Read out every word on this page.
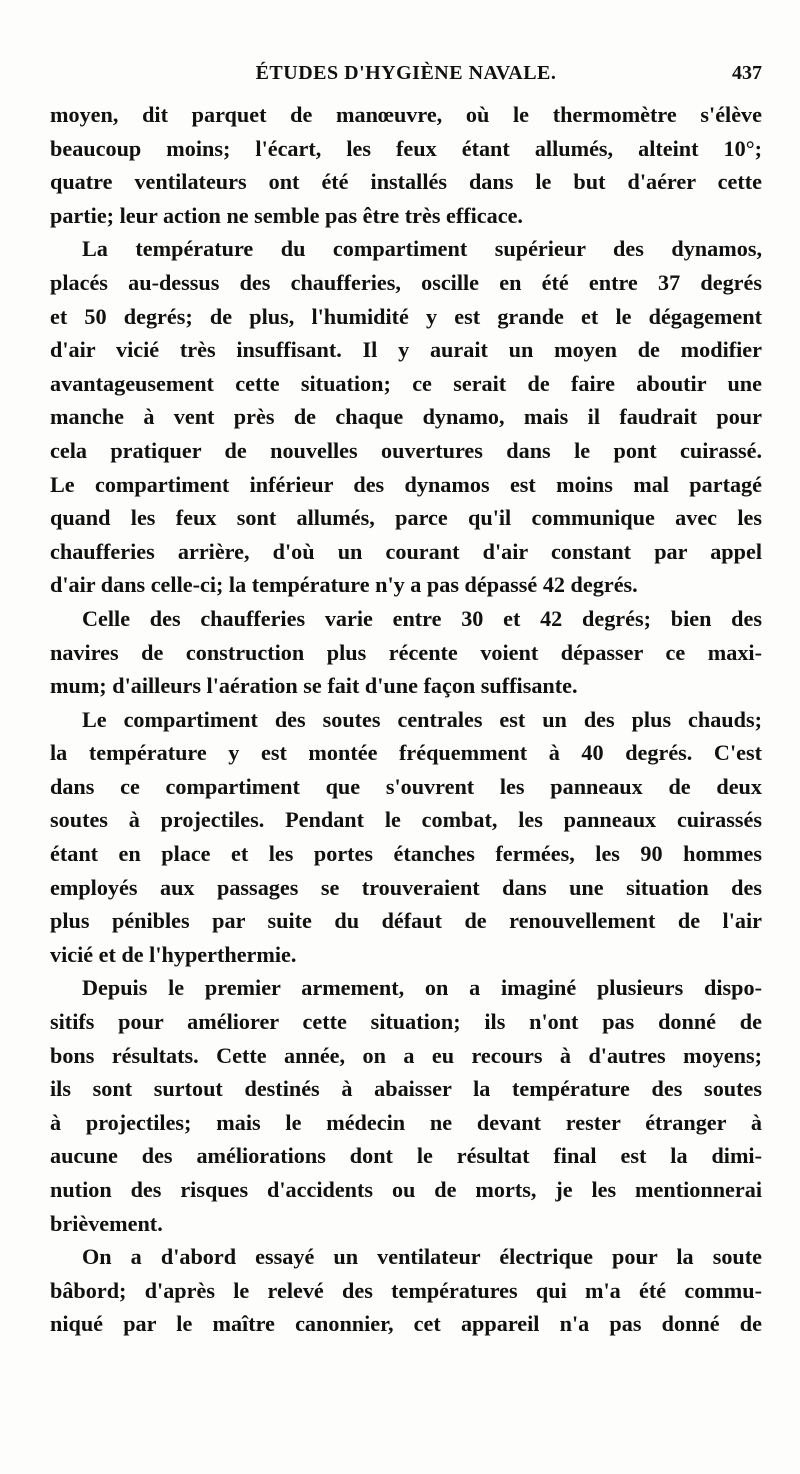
ÉTUDES D'HYGIÈNE NAVALE.	437
moyen, dit parquet de manœuvre, où le thermomètre s'élève
beaucoup moins; l'écart, les feux étant allumés, alteint 10°;
quatre ventilateurs ont été installés dans le but d'aérer cette
partie; leur action ne semble pas être très efficace.
La température du compartiment supérieur des dynamos,
placés au-dessus des chaufferies, oscille en été entre 37 degrés
et 50 degrés; de plus, l'humidité y est grande et le dégagement
d'air vicié très insuffisant. Il y aurait un moyen de modifier
avantageusement cette situation; ce serait de faire aboutir une
manche à vent près de chaque dynamo, mais il faudrait pour
cela pratiquer de nouvelles ouvertures dans le pont cuirassé.
Le compartiment inférieur des dynamos est moins mal partagé
quand les feux sont allumés, parce qu'il communique avec les
chaufferies arrière, d'où un courant d'air constant par appel
d'air dans celle-ci; la température n'y a pas dépassé 42 degrés.
Celle des chaufferies varie entre 30 et 42 degrés; bien des
navires de construction plus récente voient dépasser ce maxi-
mum; d'ailleurs l'aération se fait d'une façon suffisante.
Le compartiment des soutes centrales est un des plus chauds;
la température y est montée fréquemment à 40 degrés. C'est
dans ce compartiment que s'ouvrent les panneaux de deux
soutes à projectiles. Pendant le combat, les panneaux cuirassés
étant en place et les portes étanches fermées, les 90 hommes
employés aux passages se trouveraient dans une situation des
plus pénibles par suite du défaut de renouvellement de l'air
vicié et de l'hyperthermie.
Depuis le premier armement, on a imaginé plusieurs dispo-
sitifs pour améliorer cette situation; ils n'ont pas donné de
bons résultats. Cette année, on a eu recours à d'autres moyens;
ils sont surtout destinés à abaisser la température des soutes
à projectiles; mais le médecin ne devant rester étranger à
aucune des améliorations dont le résultat final est la dimi-
nution des risques d'accidents ou de morts, je les mentionnerai
brièvement.
On a d'abord essayé un ventilateur électrique pour la soute
bâbord; d'après le relevé des températures qui m'a été commu-
niqué par le maître canonnier, cet appareil n'a pas donné de
